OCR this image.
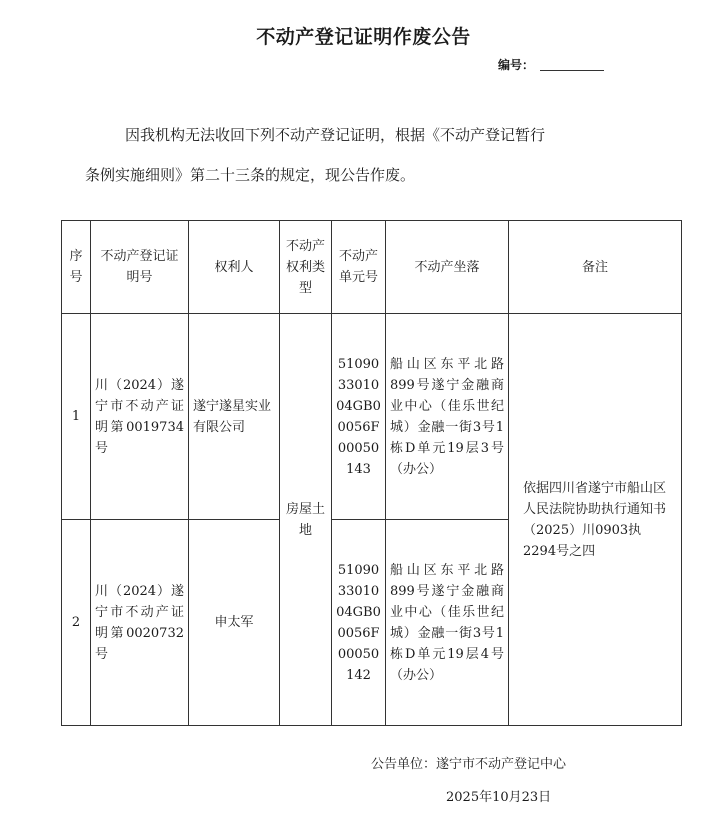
不动产登记证明作废公告
编号：
因我机构无法收回下列不动产登记证明，根据《不动产登记暂行
条例实施细则》第二十三条的规定，现公告作废。
序号	不动产登记证明号	权利人	不动产权利类型	不动产单元号	不动产坐落	备注
1	川（2024）遂宁市不动产证明第0019734号	遂宁遂星实业有限公司	房屋土地	51090 33010 04GB0 0056F 00050 143	船山区东平北路899号遂宁金融商业中心（佳乐世纪城）金融一街3号1栋D单元19层3号（办公）	依据四川省遂宁市船山区人民法院协助执行通知书（2025）川0903执2294号之四
2	川（2024）遂宁市不动产证明第0020732号	申太军		51090 33010 04GB0 0056F 00050 142	船山区东平北路899号遂宁金融商业中心（佳乐世纪城）金融一街3号1栋D单元19层4号（办公）	
公告单位：遂宁市不动产登记中心
2025年10月23日
